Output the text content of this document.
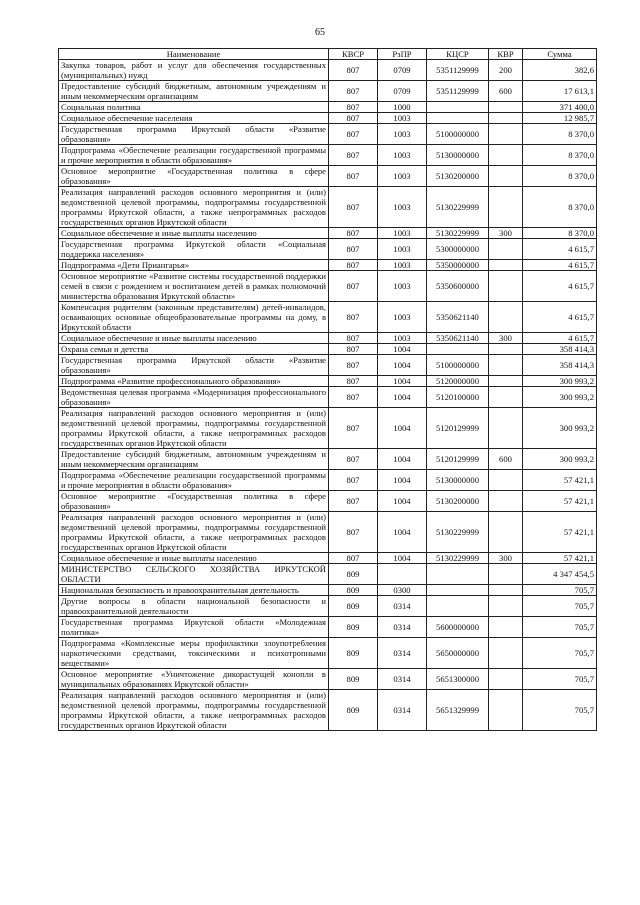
65
Наименование	КВСР	РзПР	КЦСР	КВР	Сумма
Закупка товаров, работ и услуг для обеспечения государственных (муниципальных) нужд	807	0709	5351129999	200	382,6
Предоставление субсидий бюджетным, автономным учреждениям и иным некоммерческим организациям	807	0709	5351129999	600	17 613,1
Социальная политика	807	1000			371 400,0
Социальное обеспечение населения	807	1003			12 985,7
Государственная программа Иркутской области «Развитие образования»	807	1003	5100000000		8 370,0
Подпрограмма «Обеспечение реализации государственной программы и прочие мероприятия в области образования»	807	1003	5130000000		8 370,0
Основное мероприятие «Государственная политика в сфере образования»	807	1003	5130200000		8 370,0
Реализация направлений расходов основного мероприятия и (или) ведомственной целевой программы, подпрограммы государственной программы Иркутской области, а также непрограммных расходов государственных органов Иркутской области	807	1003	5130229999		8 370,0
Социальное обеспечение и иные выплаты населению	807	1003	5130229999	300	8 370,0
Государственная программа Иркутской области «Социальная поддержка населения»	807	1003	5300000000		4 615,7
Подпрограмма «Дети Приангарья»	807	1003	5350000000		4 615,7
Основное мероприятие «Развитие системы государственной поддержки семей в связи с рождением и воспитанием детей в рамках полномочий министерства образования Иркутской области»	807	1003	5350600000		4 615,7
Компенсация родителям (законным представителям) детей-инвалидов, осваивающих основные общеобразовательные программы на дому, в Иркутской области	807	1003	5350621140		4 615,7
Социальное обеспечение и иные выплаты населению	807	1003	5350621140	300	4 615,7
Охрана семьи и детства	807	1004			358 414,3
Государственная программа Иркутской области «Развитие образования»	807	1004	5100000000		358 414,3
Подпрограмма «Развитие профессионального образования»	807	1004	5120000000		300 993,2
Ведомственная целевая программа «Модернизация профессионального образования»	807	1004	5120100000		300 993,2
Реализация направлений расходов основного мероприятия и (или) ведомственной целевой программы, подпрограммы государственной программы Иркутской области, а также непрограммных расходов государственных органов Иркутской области	807	1004	5120129999		300 993,2
Предоставление субсидий бюджетным, автономным учреждениям и иным некоммерческим организациям	807	1004	5120129999	600	300 993,2
Подпрограмма «Обеспечение реализации государственной программы и прочие мероприятия в области образования»	807	1004	5130000000		57 421,1
Основное мероприятие «Государственная политика в сфере образования»	807	1004	5130200000		57 421,1
Реализация направлений расходов основного мероприятия и (или) ведомственной целевой программы, подпрограммы государственной программы Иркутской области, а также непрограммных расходов государственных органов Иркутской области	807	1004	5130229999		57 421,1
Социальное обеспечение и иные выплаты населению	807	1004	5130229999	300	57 421,1
МИНИСТЕРСТВО СЕЛЬСКОГО ХОЗЯЙСТВА ИРКУТСКОЙ ОБЛАСТИ	809				4 347 454,5
Национальная безопасность и правоохранительная деятельность	809	0300			705,7
Другие вопросы в области национальной безопасности и правоохранительной деятельности	809	0314			705,7
Государственная программа Иркутской области «Молодежная политика»	809	0314	5600000000		705,7
Подпрограмма «Комплексные меры профилактики злоупотребления наркотическими средствами, токсическими и психотропными веществами»	809	0314	5650000000		705,7
Основное мероприятие «Уничтожение дикорастущей конопли в муниципальных образованиях Иркутской области»	809	0314	5651300000		705,7
Реализация направлений расходов основного мероприятия и (или) ведомственной целевой программы, подпрограммы государственной программы Иркутской области, а также непрограммных расходов государственных органов Иркутской области	809	0314	5651329999		705,7
